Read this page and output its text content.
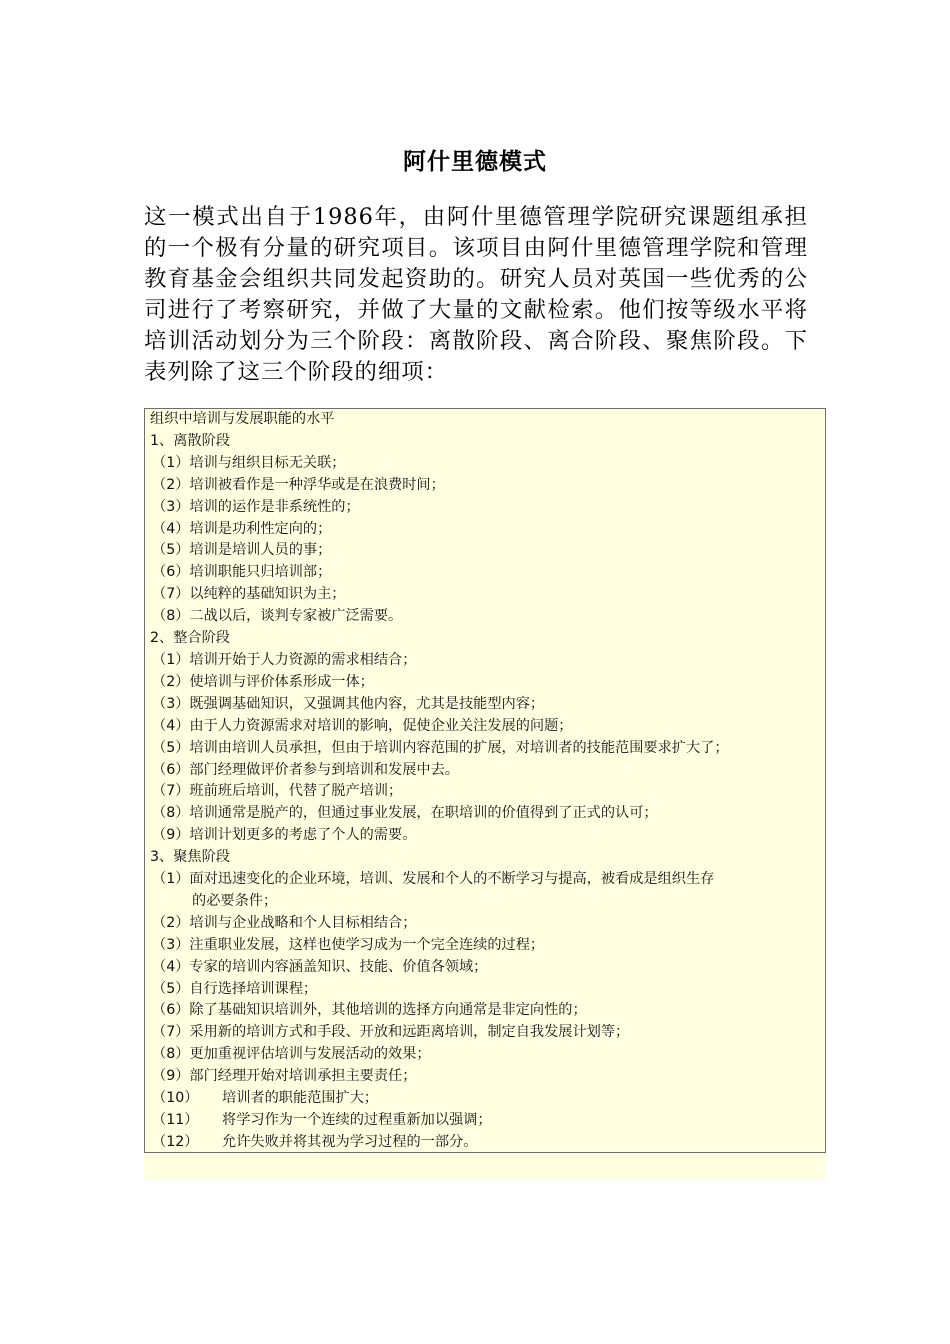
阿什里德模式
这一模式出自于1986年，由阿什里德管理学院研究课题组承担的一个极有分量的研究项目。该项目由阿什里德管理学院和管理教育基金会组织共同发起资助的。研究人员对英国一些优秀的公司进行了考察研究，并做了大量的文献检索。他们按等级水平将培训活动划分为三个阶段：离散阶段、离合阶段、聚焦阶段。下表列除了这三个阶段的细项：
组织中培训与发展职能的水平
1、离散阶段
（1）培训与组织目标无关联；
（2）培训被看作是一种浮华或是在浪费时间；
（3）培训的运作是非系统性的；
（4）培训是功利性定向的；
（5）培训是培训人员的事；
（6）培训职能只归培训部；
（7）以纯粹的基础知识为主；
（8）二战以后，谈判专家被广泛需要。
2、整合阶段
（1）培训开始于人力资源的需求相结合；
（2）使培训与评价体系形成一体；
（3）既强调基础知识，又强调其他内容，尤其是技能型内容；
（4）由于人力资源需求对培训的影响，促使企业关注发展的问题；
（5）培训由培训人员承担，但由于培训内容范围的扩展，对培训者的技能范围要求扩大了；
（6）部门经理做评价者参与到培训和发展中去。
（7）班前班后培训，代替了脱产培训；
（8）培训通常是脱产的，但通过事业发展，在职培训的价值得到了正式的认可；
（9）培训计划更多的考虑了个人的需要。
3、聚焦阶段
（1）面对迅速变化的企业环境，培训、发展和个人的不断学习与提高，被看成是组织生存
的必要条件；
（2）培训与企业战略和个人目标相结合；
（3）注重职业发展，这样也使学习成为一个完全连续的过程；
（4）专家的培训内容涵盖知识、技能、价值各领域；
（5）自行选择培训课程；
（6）除了基础知识培训外，其他培训的选择方向通常是非定向性的；
（7）采用新的培训方式和手段、开放和远距离培训，制定自我发展计划等；
（8）更加重视评估培训与发展活动的效果；
（9）部门经理开始对培训承担主要责任；
（10） 培训者的职能范围扩大；
（11） 将学习作为一个连续的过程重新加以强调；
（12） 允许失败并将其视为学习过程的一部分。
